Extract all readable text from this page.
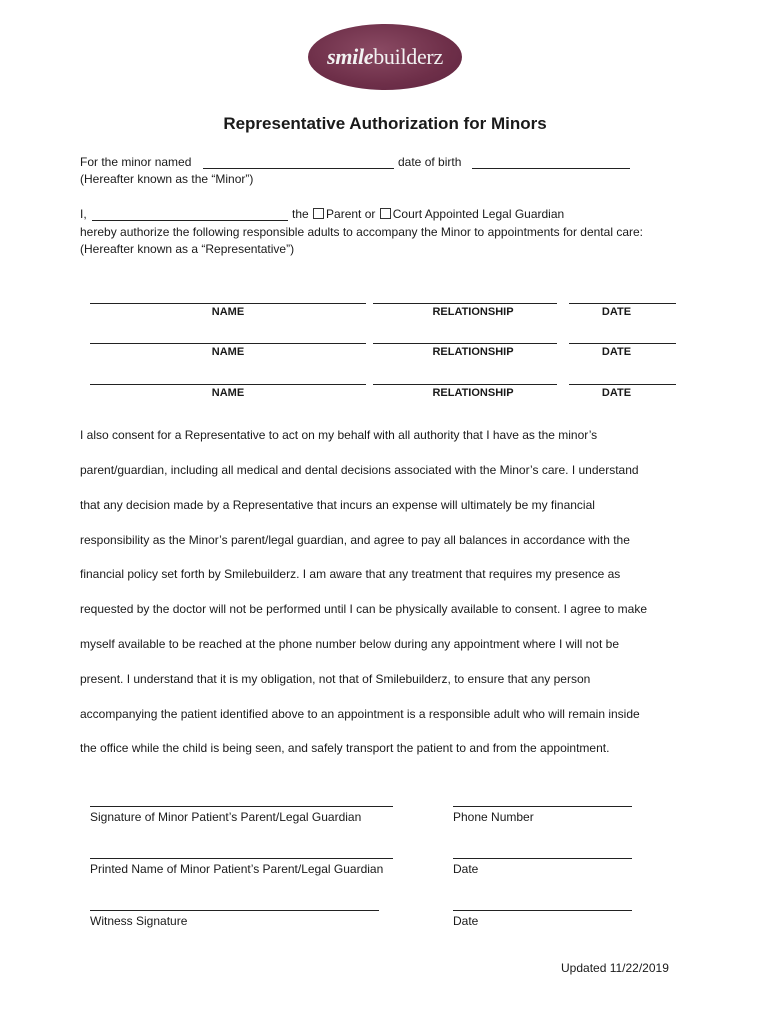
smilebuilderz
Representative Authorization for Minors
For the minor named	date of birth
(Hereafter known as the “Minor”)
I,	the Parent or Court Appointed Legal Guardian
hereby authorize the following responsible adults to accompany the Minor to appointments for dental care:
(Hereafter known as a “Representative”)
NAME	RELATIONSHIP	DATE
NAME	RELATIONSHIP	DATE
NAME	RELATIONSHIP	DATE
I also consent for a Representative to act on my behalf with all authority that I have as the minor’s
parent/guardian, including all medical and dental decisions associated with the Minor’s care. I understand
that any decision made by a Representative that incurs an expense will ultimately be my financial
responsibility as the Minor’s parent/legal guardian, and agree to pay all balances in accordance with the
financial policy set forth by Smilebuilderz. I am aware that any treatment that requires my presence as
requested by the doctor will not be performed until I can be physically available to consent. I agree to make
myself available to be reached at the phone number below during any appointment where I will not be
present. I understand that it is my obligation, not that of Smilebuilderz, to ensure that any person
accompanying the patient identified above to an appointment is a responsible adult who will remain inside
the office while the child is being seen, and safely transport the patient to and from the appointment.
Signature of Minor Patient’s Parent/Legal Guardian	Phone Number
Printed Name of Minor Patient’s Parent/Legal Guardian	Date
Witness Signature	Date
Updated 11/22/2019
